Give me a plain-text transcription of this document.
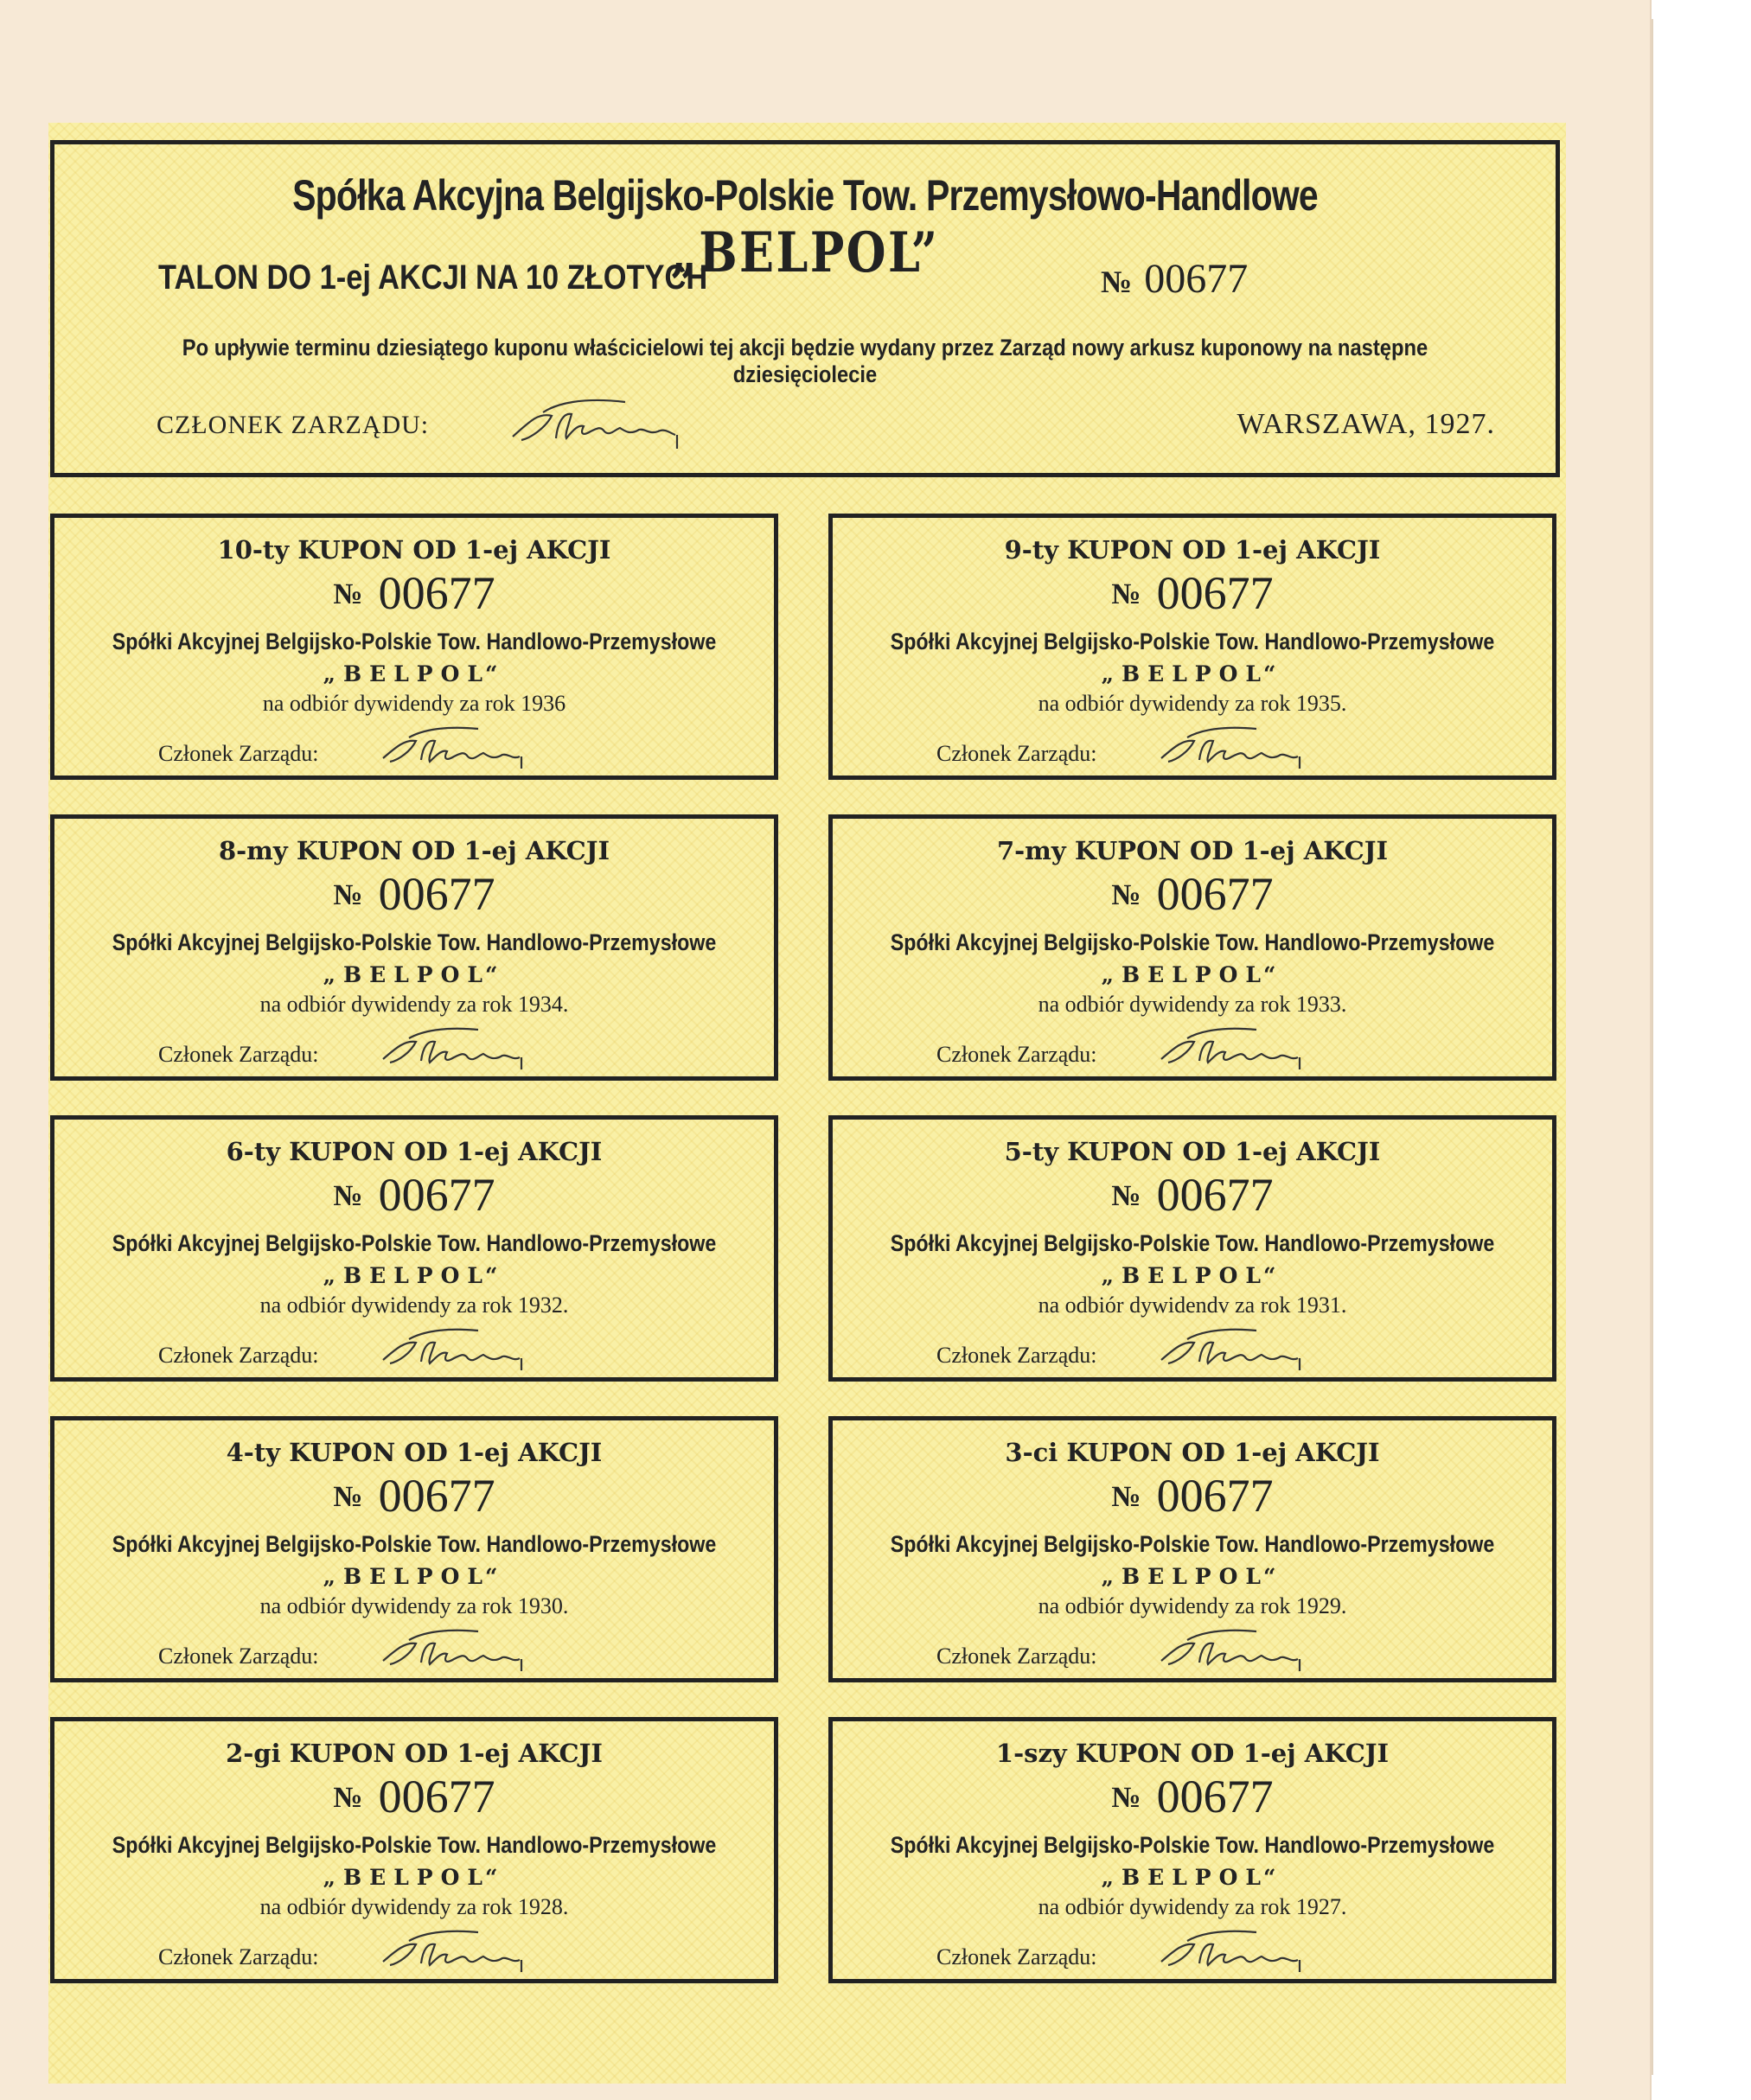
Spółka Akcyjna Belgijsko-Polskie Tow. Przemysłowo-Handlowe „BELPOL”
TALON DO 1-ej AKCJI NA 10 ZŁOTYCH	№ 00677
Po upływie terminu dziesiątego kuponu właścicielowi tej akcji będzie wydany przez Zarząd nowy arkusz kuponowy na następne dziesięciolecie
CZŁONEK ZARZĄDU:	WARSZAWA, 1927.
10-ty KUPON OD 1-ej AKCJI
№ 00677
Spółki Akcyjnej Belgijsko-Polskie Tow. Handlowo-Przemysłowe
„BELPOL“
na odbiór dywidendy za rok 1936
Członek Zarządu:
9-ty KUPON OD 1-ej AKCJI
№ 00677
Spółki Akcyjnej Belgijsko-Polskie Tow. Handlowo-Przemysłowe
„BELPOL“
na odbiór dywidendy za rok 1935.
Członek Zarządu:
8-my KUPON OD 1-ej AKCJI
№ 00677
Spółki Akcyjnej Belgijsko-Polskie Tow. Handlowo-Przemysłowe
„BELPOL“
na odbiór dywidendy za rok 1934.
Członek Zarządu:
7-my KUPON OD 1-ej AKCJI
№ 00677
Spółki Akcyjnej Belgijsko-Polskie Tow. Handlowo-Przemysłowe
„BELPOL“
na odbiór dywidendy za rok 1933.
Członek Zarządu:
6-ty KUPON OD 1-ej AKCJI
№ 00677
Spółki Akcyjnej Belgijsko-Polskie Tow. Handlowo-Przemysłowe
„BELPOL“
na odbiór dywidendy za rok 1932.
Członek Zarządu:
5-ty KUPON OD 1-ej AKCJI
№ 00677
Spółki Akcyjnej Belgijsko-Polskie Tow. Handlowo-Przemysłowe
„BELPOL“
na odbiór dywidendv za rok 1931.
Członek Zarządu:
4-ty KUPON OD 1-ej AKCJI
№ 00677
Spółki Akcyjnej Belgijsko-Polskie Tow. Handlowo-Przemysłowe
„BELPOL“
na odbiór dywidendy za rok 1930.
Członek Zarządu:
3-ci KUPON OD 1-ej AKCJI
№ 00677
Spółki Akcyjnej Belgijsko-Polskie Tow. Handlowo-Przemysłowe
„BELPOL“
na odbiór dywidendy za rok 1929.
Członek Zarządu:
2-gi KUPON OD 1-ej AKCJI
№ 00677
Spółki Akcyjnej Belgijsko-Polskie Tow. Handlowo-Przemysłowe
„BELPOL“
na odbiór dywidendy za rok 1928.
Członek Zarządu:
1-szy KUPON OD 1-ej AKCJI
№ 00677
Spółki Akcyjnej Belgijsko-Polskie Tow. Handlowo-Przemysłowe
„BELPOL“
na odbiór dywidendy za rok 1927.
Członek Zarządu:
